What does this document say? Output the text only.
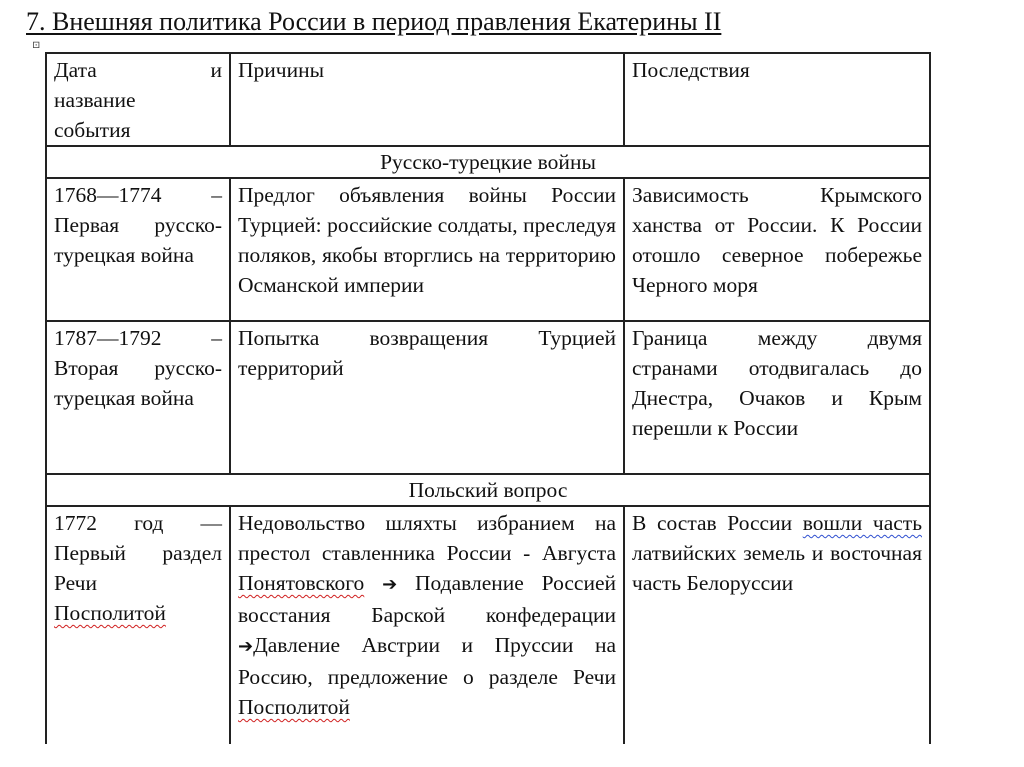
7. Внешняя политика России в период правления Екатерины II
⊡
Дата и
название
события	Причины	Последствия
Русско-турецкие войны		
1768—1774 – Первая русско-турецкая война	Предлог объявления войны России Турцией: российские солдаты, преследуя поляков, якобы вторглись на территорию Османской империи	Зависимость Крымского ханства от России. К России отошло северное побережье Черного моря
1787—1792 – Вторая русско-турецкая война	Попытка возвращения Турцией территорий	Граница между двумя странами отодвигалась до Днестра, Очаков и Крым перешли к России
Польский вопрос		
1772 год — Первый раздел Речи
Посполитой	Недовольство шляхты избранием на престол ставленника России - Августа Понятовского ➔ Подавление Россией восстания Барской конфедерации ➔Давление Австрии и Пруссии на Россию, предложение о разделе Речи Посполитой	В состав России вошли часть латвийских земель и восточная часть Белоруссии
